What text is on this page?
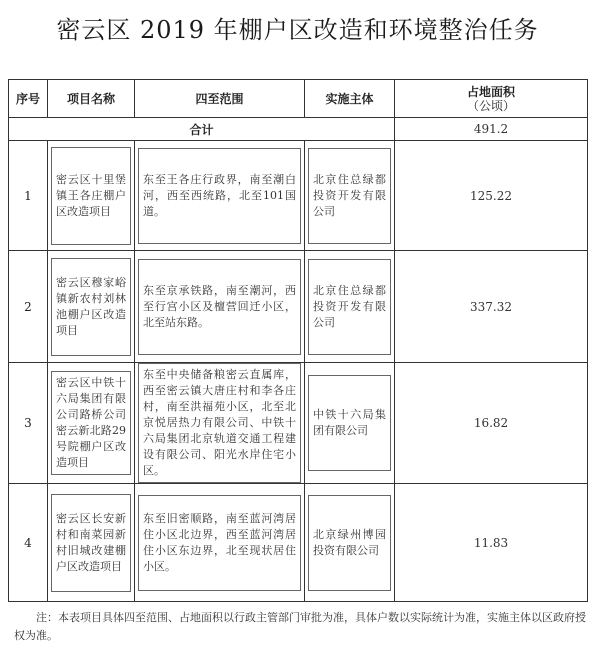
密云区 2019 年棚户区改造和环境整治任务
序号	项目名称	四至范围	实施主体	占地面积
（公顷）

合计				491.2
1	密云区十里堡镇王各庄棚户区改造项目	东至王各庄行政界，南至潮白河，西至西统路，北至101国道。	北京住总绿都投资开发有限公司	125.22
2	密云区穆家峪镇新农村刘林池棚户区改造项目	东至京承铁路，南至潮河，西至行宫小区及檀营回迁小区，北至站东路。	北京住总绿都投资开发有限公司	337.32
3	密云区中铁十六局集团有限公司路桥公司密云新北路29号院棚户区改造项目	东至中央储备粮密云直属库，西至密云镇大唐庄村和李各庄村，南至洪福苑小区，北至北京悦居热力有限公司、中铁十六局集团北京轨道交通工程建设有限公司、阳光水岸住宅小区。	中铁十六局集团有限公司	16.82
4	密云区长安新村和南菜园新村旧城改建棚户区改造项目	东至旧密顺路，南至蓝河湾居住小区北边界，西至蓝河湾居住小区东边界，北至现状居住小区。	北京绿州博园投资有限公司	11.83
注：本表项目具体四至范围、占地面积以行政主管部门审批为准，具体户数以实际统计为准，实施主体以区政府授权为准。
